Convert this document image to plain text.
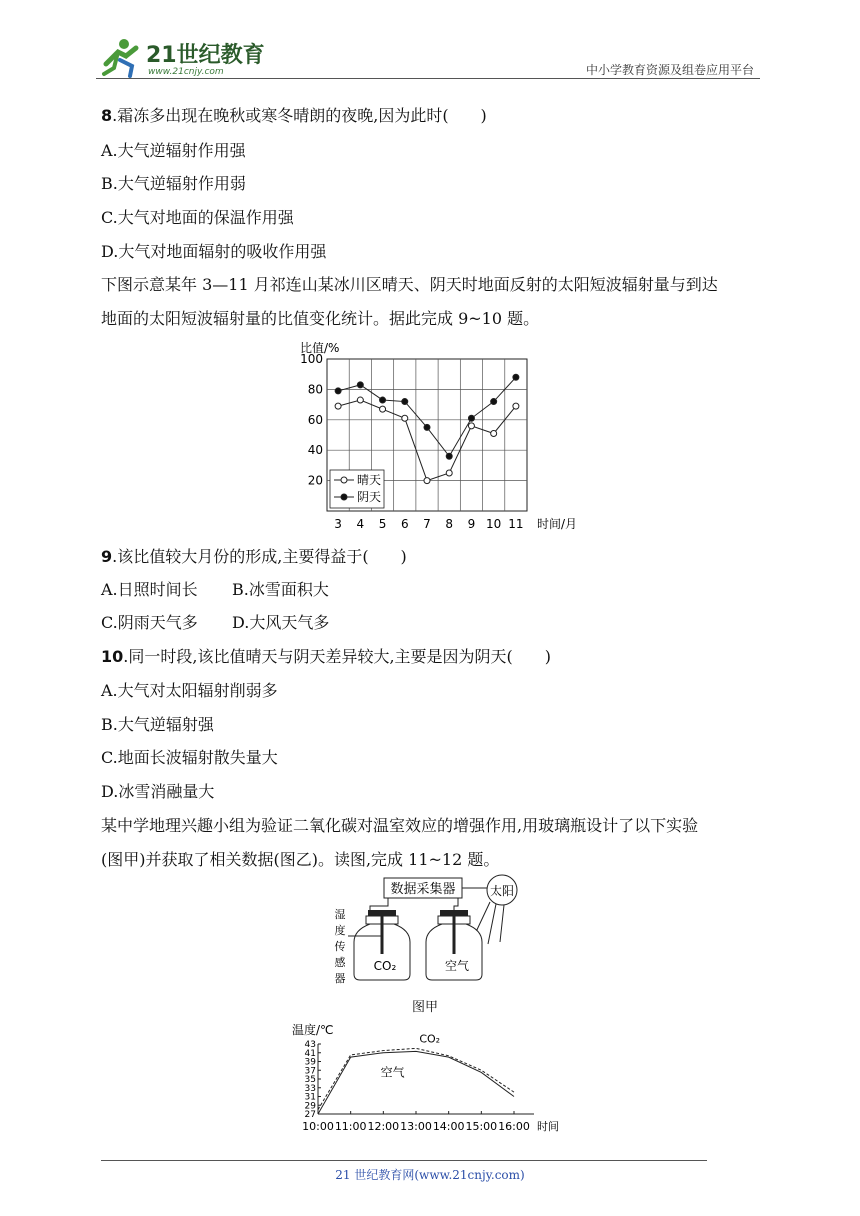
21世纪教育
www.21cnjy.com	中小学教育资源及组卷应用平台
8.霜冻多出现在晚秋或寒冬晴朗的夜晚,因为此时(　　)
A.大气逆辐射作用强
B.大气逆辐射作用弱
C.大气对地面的保温作用强
D.大气对地面辐射的吸收作用强
下图示意某年 3—11 月祁连山某冰川区晴天、阴天时地面反射的太阳短波辐射量与到达
地面的太阳短波辐射量的比值变化统计。据此完成 9~10 题。
比值/%
20
40
60
80
100
3 4 5 6 7 8 9 10 11 时间/月
晴天
阴天
9.该比值较大月份的形成,主要得益于(　　)
A.日照时间长 B.冰雪面积大
C.阴雨天气多 D.大风天气多
10.同一时段,该比值晴天与阴天差异较大,主要是因为阴天(　　)
A.大气对太阳辐射削弱多
B.大气逆辐射强
C.地面长波辐射散失量大
D.冰雪消融量大
某中学地理兴趣小组为验证二氧化碳对温室效应的增强作用,用玻璃瓶设计了以下实验
(图甲)并获取了相关数据(图乙)。读图,完成 11~12 题。
数据采集器	太阳
CO₂	空气
湿
度
传
感
器
图甲
温度/℃
27
29
31
33
35
37
39
41
43
10:00 11:00 12:00 13:00 14:00 15:00 16:00 时间
CO₂
空气
21 世纪教育网(www.21cnjy.com)
